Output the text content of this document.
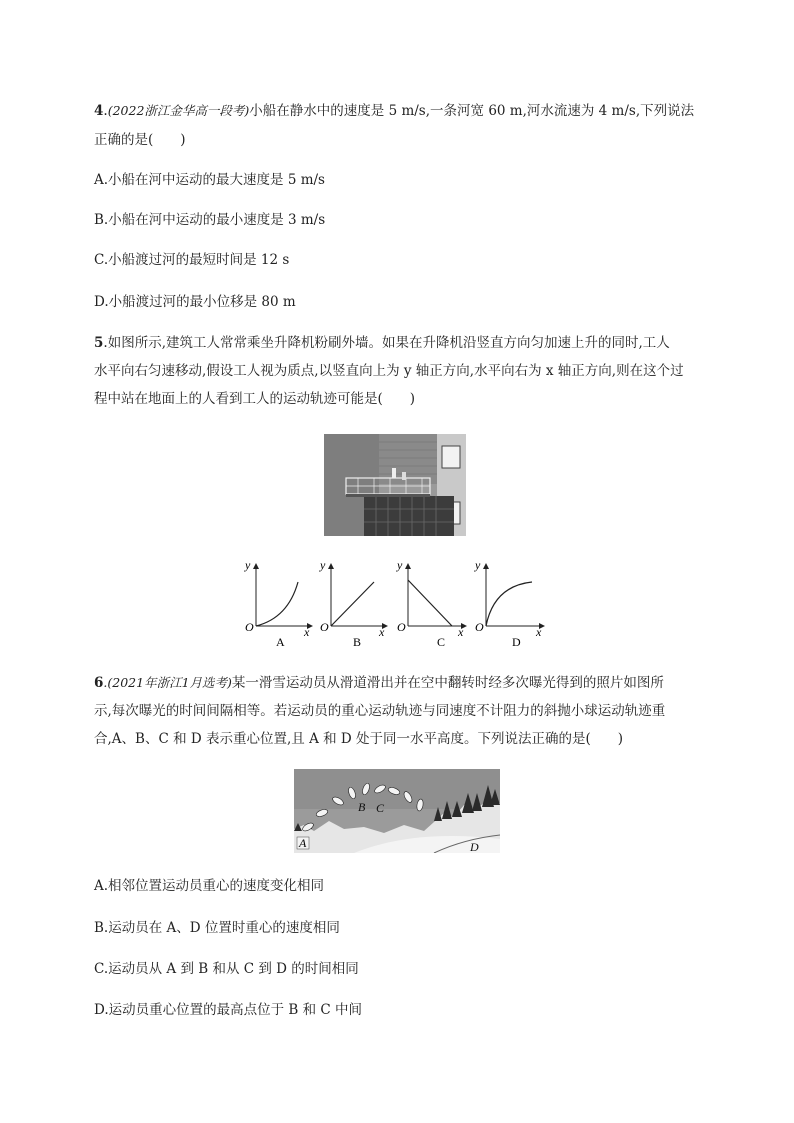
4.(2022浙江金华高一段考)小船在静水中的速度是 5 m/s,一条河宽 60 m,河水流速为 4 m/s,下列说法
正确的是(　　)
A.小船在河中运动的最大速度是 5 m/s
B.小船在河中运动的最小速度是 3 m/s
C.小船渡过河的最短时间是 12 s
D.小船渡过河的最小位移是 80 m
5.如图所示,建筑工人常常乘坐升降机粉刷外墙。如果在升降机沿竖直方向匀加速上升的同时,工人
水平向右匀速移动,假设工人视为质点,以竖直向上为 y 轴正方向,水平向右为 x 轴正方向,则在这个过
程中站在地面上的人看到工人的运动轨迹可能是(　　)
y
x
O
A
y
x
O
B
y
x
O
C
y
x
O
D
6.(2021年浙江1月选考)某一滑雪运动员从滑道滑出并在空中翻转时经多次曝光得到的照片如图所
示,每次曝光的时间间隔相等。若运动员的重心运动轨迹与同速度不计阻力的斜抛小球运动轨迹重
合,A、B、C 和 D 表示重心位置,且 A 和 D 处于同一水平高度。下列说法正确的是(　　)
A
B C
D
A.相邻位置运动员重心的速度变化相同
B.运动员在 A、D 位置时重心的速度相同
C.运动员从 A 到 B 和从 C 到 D 的时间相同
D.运动员重心位置的最高点位于 B 和 C 中间
